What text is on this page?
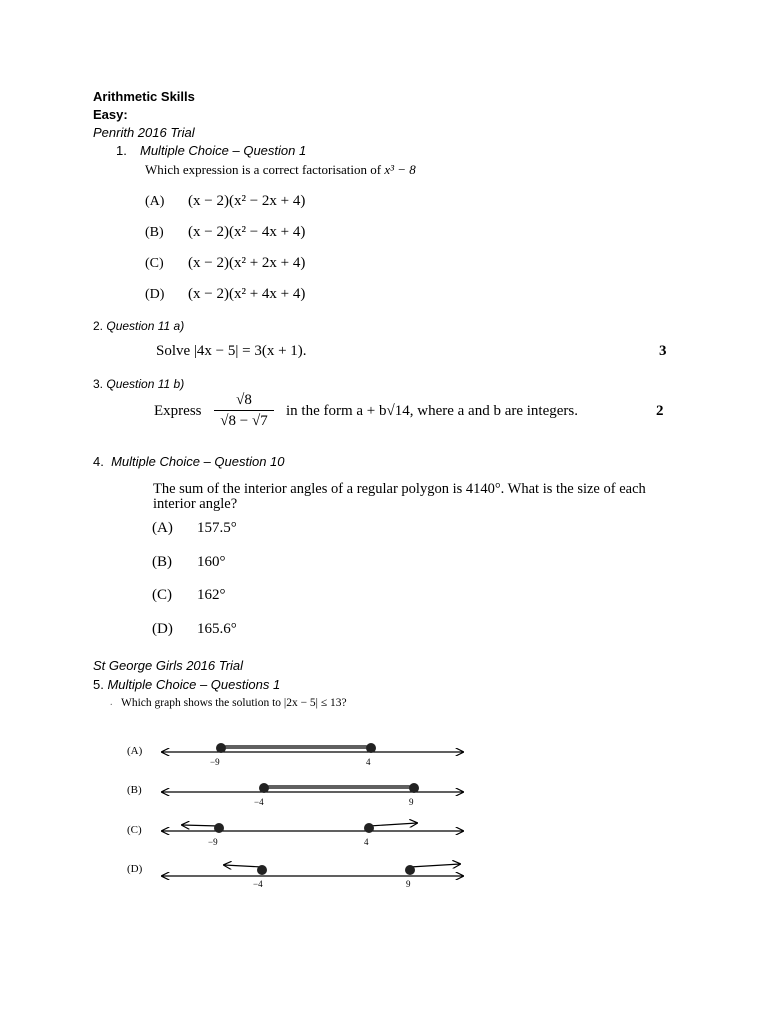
Arithmetic Skills
Easy:
Penrith 2016 Trial
1. Multiple Choice – Question 1
Which expression is a correct factorisation of x³ − 8
(A) (x − 2)(x² − 2x + 4)
(B) (x − 2)(x² − 4x + 4)
(C) (x − 2)(x² + 2x + 4)
(D) (x − 2)(x² + 4x + 4)
2. Question 11 a)
Solve |4x − 5| = 3(x + 1).	3
3. Question 11 b)
Express
√8
√8 − √7
in the form a + b√14, where a and b are integers.	2
4. Multiple Choice – Question 10
The sum of the interior angles of a regular polygon is 4140°. What is the size of each
interior angle?
(A) 157.5°
(B) 160°
(C) 162°
(D) 165.6°
St George Girls 2016 Trial
5. Multiple Choice – Questions 1
. Which graph shows the solution to |2x − 5| ≤ 13?
(A)
−9	4
(B)
−4	9
(C)
−9	4
(D)
−4	9
